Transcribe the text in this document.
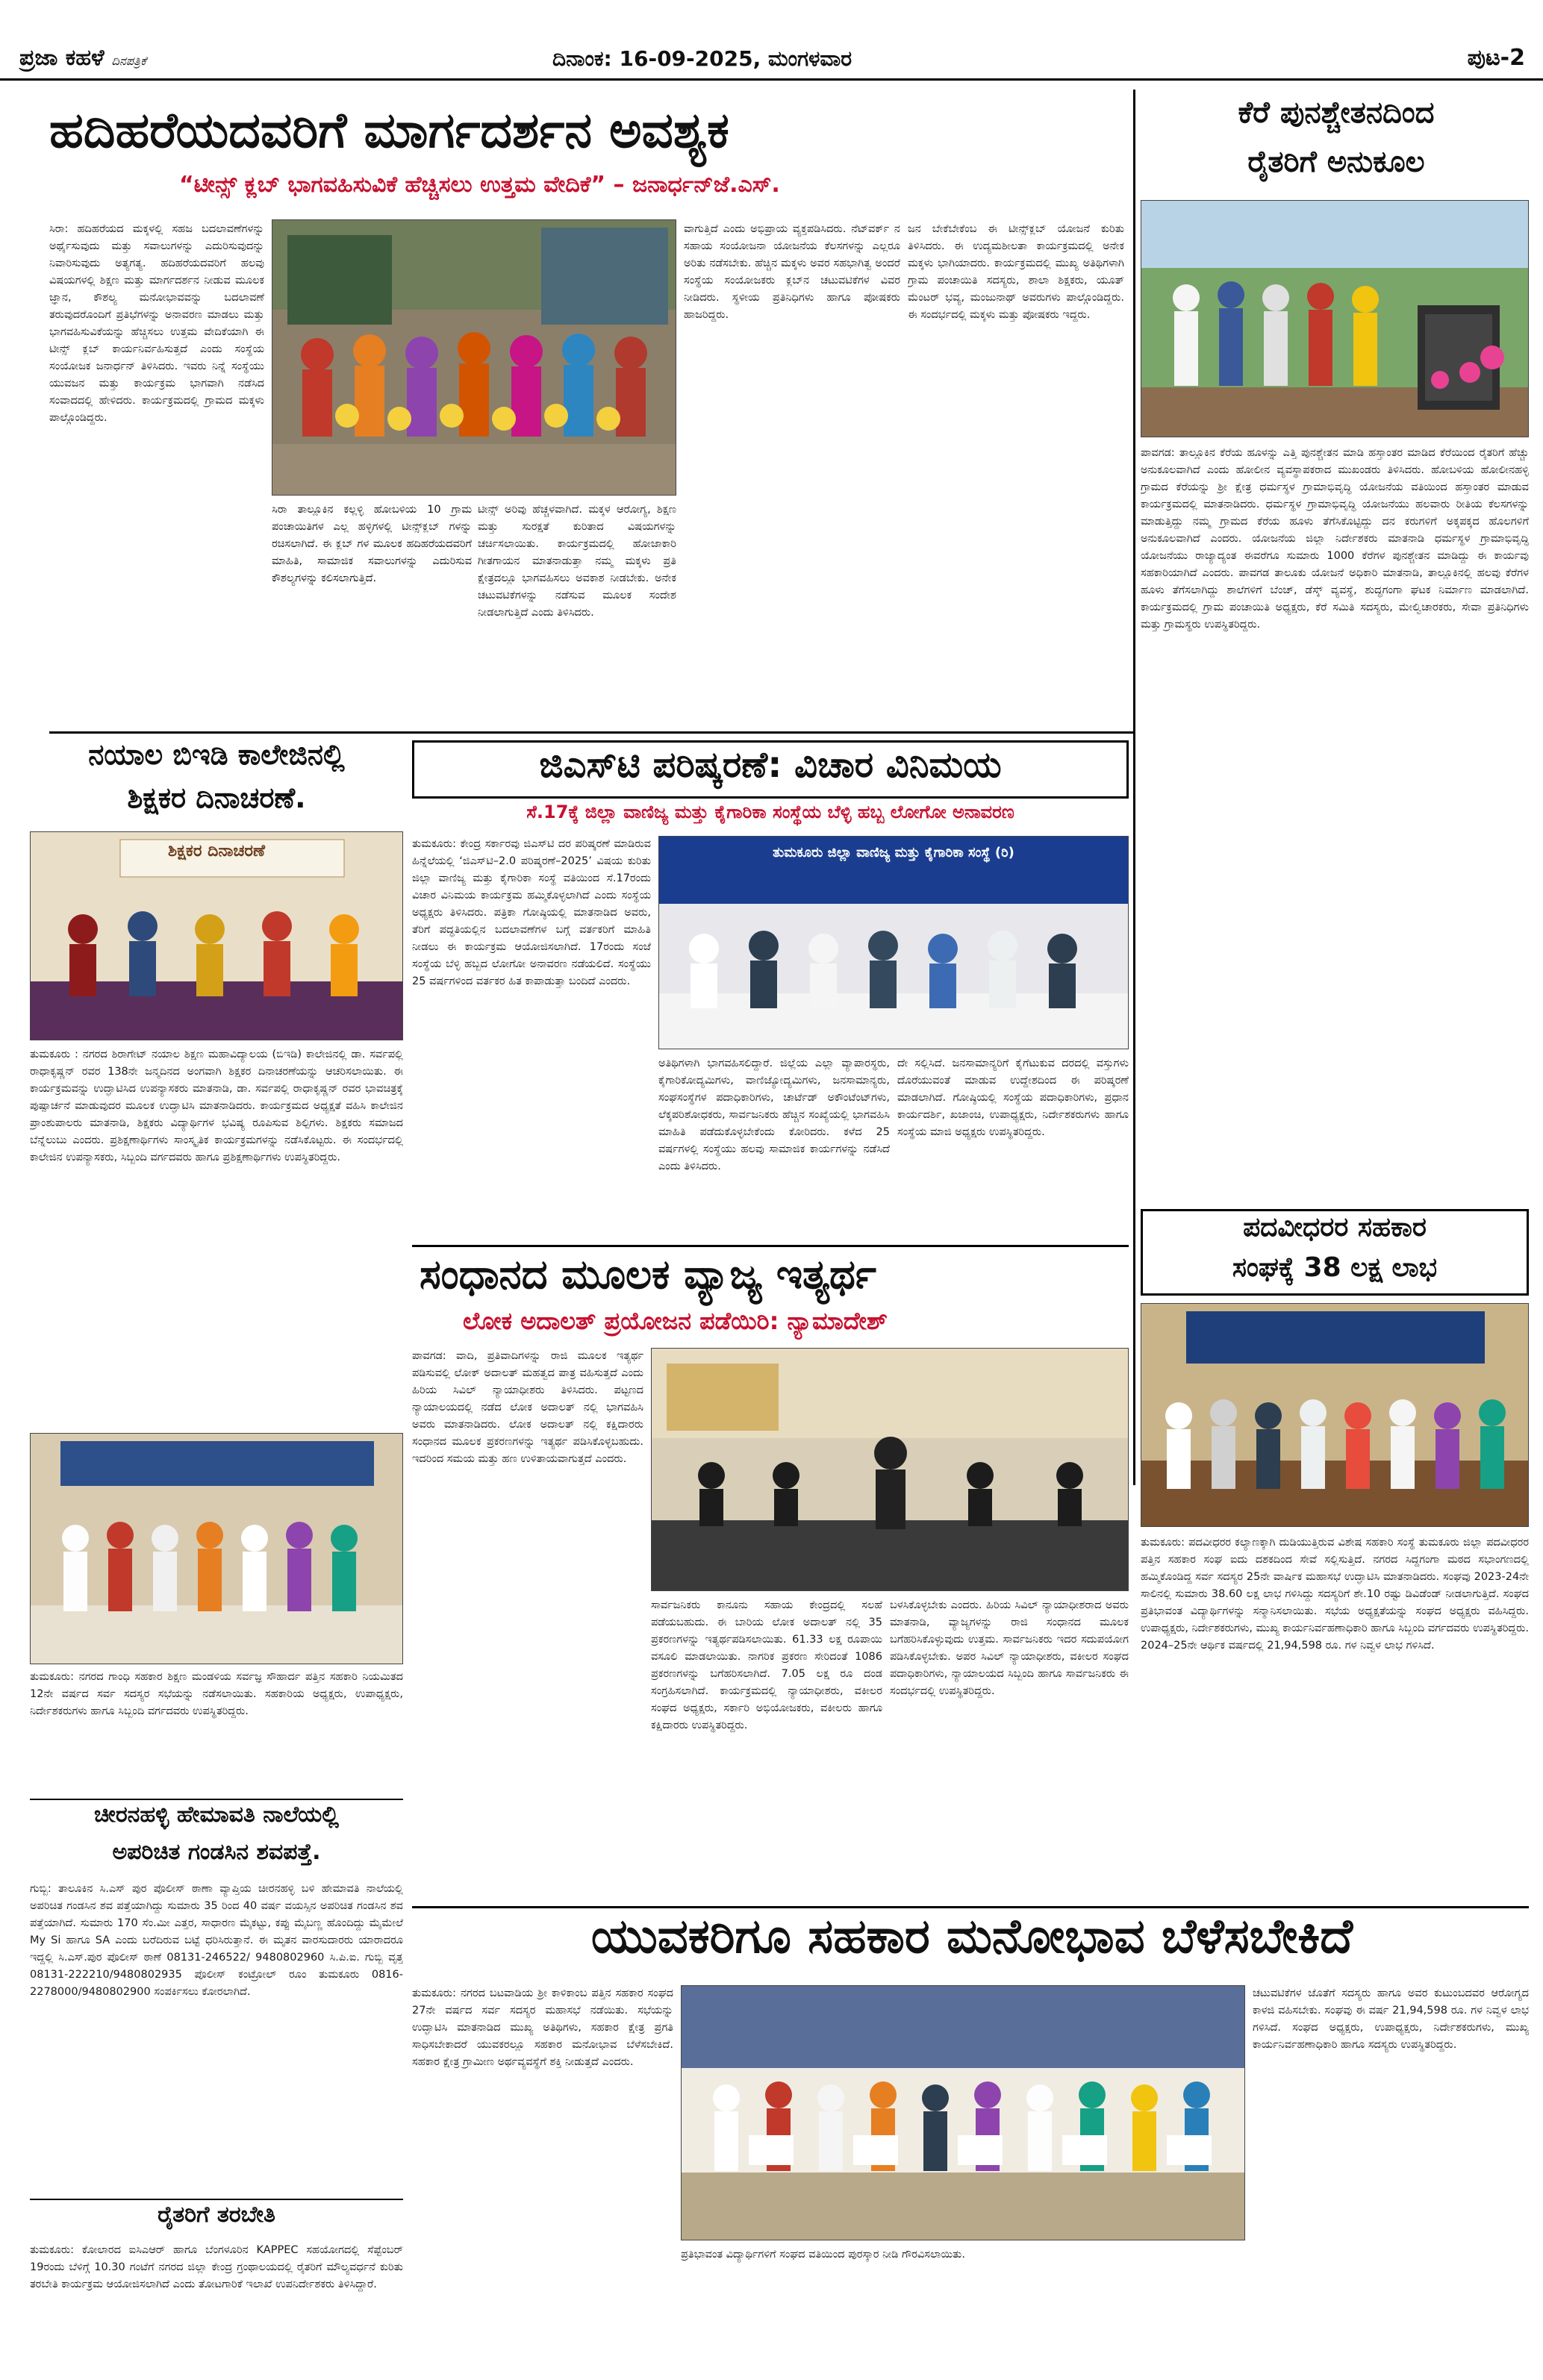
ಪ್ರಜಾ ಕಹಳೆ ದಿನಪತ್ರಿಕೆ	ದಿನಾಂಕ: 16-09-2025, ಮಂಗಳವಾರ	ಪುಟ-2
ಹದಿಹರೆಯದವರಿಗೆ ಮಾರ್ಗದರ್ಶನ ಅವಶ್ಯಕ
“ಟೀನ್ಸ್ ಕ್ಲಬ್ ಭಾಗವಹಿಸುವಿಕೆ ಹೆಚ್ಚಿಸಲು ಉತ್ತಮ ವೇದಿಕೆ” – ಜನಾರ್ಧನ್‌ಜೆ.ಎಸ್.
ಸಿರಾ: ಹದಿಹರೆಯದ ಮಕ್ಕಳಲ್ಲಿ ಸಹಜ ಬದಲಾವಣೆಗಳನ್ನು ಅರ್ಥೈಸುವುದು ಮತ್ತು ಸವಾಲುಗಳನ್ನು ಎದುರಿಸುವುದನ್ನು ನಿವಾರಿಸುವುದು ಅತ್ಯಗತ್ಯ. ಹದಿಹರೆಯದವರಿಗೆ ಹಲವು ವಿಷಯಗಳಲ್ಲಿ ಶಿಕ್ಷಣ ಮತ್ತು ಮಾರ್ಗದರ್ಶನ ನೀಡುವ ಮೂಲಕ ಜ್ಞಾನ, ಕೌಶಲ್ಯ ಮನೋಭಾವವನ್ನು ಬದಲಾವಣೆ ತರುವುದರೊಂದಿಗೆ ಪ್ರತಿಭೆಗಳನ್ನು ಅನಾವರಣ ಮಾಡಲು ಮತ್ತು ಭಾಗವಹಿಸುವಿಕೆಯನ್ನು ಹೆಚ್ಚಿಸಲು ಉತ್ತಮ ವೇದಿಕೆಯಾಗಿ ಈ ಟೀನ್ಸ್ ಕ್ಲಬ್ ಕಾರ್ಯನಿರ್ವಹಿಸುತ್ತದೆ ಎಂದು ಸಂಸ್ಥೆಯ ಸಂಯೋಜಕ ಜನಾರ್ಧನ್ ತಿಳಿಸಿದರು. ಇವರು ನಿನ್ನೆ ಸಂಸ್ಥೆಯು ಯುವಜನ ಮತ್ತು ಕಾರ್ಯಕ್ರಮ ಭಾಗವಾಗಿ ನಡೆಸಿದ ಸಂವಾದದಲ್ಲಿ ಹೇಳಿದರು. ಕಾರ್ಯಕ್ರಮದಲ್ಲಿ ಗ್ರಾಮದ ಮಕ್ಕಳು ಪಾಲ್ಗೊಂಡಿದ್ದರು.
ಸಿರಾ ತಾಲ್ಲೂಕಿನ ಕಲ್ಲಳ್ಳಿ ಹೋಬಳಿಯ 10 ಗ್ರಾಮ ಪಂಚಾಯಿತಿಗಳ ಎಲ್ಲ ಹಳ್ಳಿಗಳಲ್ಲಿ ಟೀನ್ಸ್‌ಕ್ಲಬ್ ಗಳನ್ನು ರಚಿಸಲಾಗಿದೆ. ಈ ಕ್ಲಬ್ ಗಳ ಮೂಲಕ ಹದಿಹರೆಯದವರಿಗೆ ಮಾಹಿತಿ, ಸಾಮಾಜಿಕ ಸವಾಲುಗಳನ್ನು ಎದುರಿಸುವ ಕೌಶಲ್ಯಗಳನ್ನು ಕಲಿಸಲಾಗುತ್ತಿದೆ.
ಟೀನ್ಸ್ ಅರಿವು ಹೆಚ್ಚಳವಾಗಿದೆ. ಮಕ್ಕಳ ಆರೋಗ್ಯ, ಶಿಕ್ಷಣ ಮತ್ತು ಸುರಕ್ಷತೆ ಕುರಿತಾದ ವಿಷಯಗಳನ್ನು ಚರ್ಚಿಸಲಾಯಿತು. ಕಾರ್ಯಕ್ರಮದಲ್ಲಿ ಹೋಜಾಕಾರಿ ಗೀತಗಾಯನ ಮಾತನಾಡುತ್ತಾ ನಮ್ಮ ಮಕ್ಕಳು ಪ್ರತಿ ಕ್ಷೇತ್ರದಲ್ಲೂ ಭಾಗವಹಿಸಲು ಅವಕಾಶ ನೀಡಬೇಕು. ಅನೇಕ ಚಟುವಟಿಕೆಗಳನ್ನು ನಡೆಸುವ ಮೂಲಕ ಸಂದೇಶ ನೀಡಲಾಗುತ್ತಿದೆ ಎಂದು ತಿಳಿಸಿದರು.
ವಾಗುತ್ತಿದೆ ಎಂದು ಅಭಿಪ್ರಾಯ ವ್ಯಕ್ತಪಡಿಸಿದರು. ನೆಟ್‌ವರ್ಕ್ ನ ಸಹಾಯ ಸಂಯೋಜನಾ ಯೋಜನೆಯ ಕೆಲಸಗಳನ್ನು ಎಲ್ಲರೂ ಅರಿತು ನಡೆಸಬೇಕು. ಹೆಚ್ಚಿನ ಮಕ್ಕಳು ಅವರ ಸಹಭಾಗಿತ್ವ ಅಂದರೆ ಸಂಸ್ಥೆಯ ಸಂಯೋಜಕರು ಕ್ಲಬ್‌ನ ಚಟುವಟಿಕೆಗಳ ವಿವರ ನೀಡಿದರು. ಸ್ಥಳೀಯ ಪ್ರತಿನಿಧಿಗಳು ಹಾಗೂ ಪೋಷಕರು ಹಾಜರಿದ್ದರು.
ಜನ ಬೇಕೆಬೇಕೆಂಬ ಈ ಟೀನ್ಸ್‌ಕ್ಲಬ್ ಯೋಜನೆ ಕುರಿತು ತಿಳಿಸಿದರು. ಈ ಉದ್ಯಮಶೀಲತಾ ಕಾರ್ಯಕ್ರಮದಲ್ಲಿ ಅನೇಕ ಮಕ್ಕಳು ಭಾಗಿಯಾದರು. ಕಾರ್ಯಕ್ರಮದಲ್ಲಿ ಮುಖ್ಯ ಅತಿಥಿಗಳಾಗಿ ಗ್ರಾಮ ಪಂಚಾಯಿತಿ ಸದಸ್ಯರು, ಶಾಲಾ ಶಿಕ್ಷಕರು, ಯೂತ್ ಮೆಂಟರ್ ಭವ್ಯ, ಮಂಜುನಾಥ್ ಅವರುಗಳು ಪಾಲ್ಗೊಂಡಿದ್ದರು. ಈ ಸಂದರ್ಭದಲ್ಲಿ ಮಕ್ಕಳು ಮತ್ತು ಪೋಷಕರು ಇದ್ದರು.
ಕೆರೆ ಪುನಶ್ಚೇತನದಿಂದ
ರೈತರಿಗೆ ಅನುಕೂಲ
ಪಾವಗಡ: ತಾಲ್ಲೂಕಿನ ಕೆರೆಯ ಹೂಳನ್ನು ಎತ್ತಿ ಪುನಶ್ಚೇತನ ಮಾಡಿ ಹಸ್ತಾಂತರ ಮಾಡಿದ ಕೆರೆಯಿಂದ ರೈತರಿಗೆ ಹೆಚ್ಚು ಅನುಕೂಲವಾಗಿದೆ ಎಂದು ಹೋಲೀನ ವ್ಯವಸ್ಥಾಪಕರಾದ ಮುಖಂಡರು ತಿಳಿಸಿದರು. ಹೋಬಳಿಯ ಹೋಲೀನಹಳ್ಳಿ ಗ್ರಾಮದ ಕೆರೆಯನ್ನು ಶ್ರೀ ಕ್ಷೇತ್ರ ಧರ್ಮಸ್ಥಳ ಗ್ರಾಮಾಭಿವೃದ್ಧಿ ಯೋಜನೆಯ ವತಿಯಿಂದ ಹಸ್ತಾಂತರ ಮಾಡುವ ಕಾರ್ಯಕ್ರಮದಲ್ಲಿ ಮಾತನಾಡಿದರು. ಧರ್ಮಸ್ಥಳ ಗ್ರಾಮಾಭಿವೃದ್ಧಿ ಯೋಜನೆಯು ಹಲವಾರು ರೀತಿಯ ಕೆಲಸಗಳನ್ನು ಮಾಡುತ್ತಿದ್ದು ನಮ್ಮ ಗ್ರಾಮದ ಕೆರೆಯ ಹೂಳು ತೆಗೆಸಿಕೊಟ್ಟಿದ್ದು ದನ ಕರುಗಳಿಗೆ ಅಕ್ಕಪಕ್ಕದ ಹೊಲಗಳಿಗೆ ಅನುಕೂಲವಾಗಿದೆ ಎಂದರು. ಯೋಜನೆಯ ಜಿಲ್ಲಾ ನಿರ್ದೇಶಕರು ಮಾತನಾಡಿ ಧರ್ಮಸ್ಥಳ ಗ್ರಾಮಾಭಿವೃದ್ಧಿ ಯೋಜನೆಯು ರಾಜ್ಯಾದ್ಯಂತ ಈವರೆಗೂ ಸುಮಾರು 1000 ಕೆರೆಗಳ ಪುನಶ್ಚೇತನ ಮಾಡಿದ್ದು ಈ ಕಾರ್ಯವು ಸಹಕಾರಿಯಾಗಿದೆ ಎಂದರು. ಪಾವಗಡ ತಾಲೂಕು ಯೋಜನೆ ಅಧಿಕಾರಿ ಮಾತನಾಡಿ, ತಾಲ್ಲೂಕಿನಲ್ಲಿ ಹಲವು ಕೆರೆಗಳ ಹೂಳು ತೆಗೆಸಲಾಗಿದ್ದು ಶಾಲೆಗಳಿಗೆ ಬೆಂಚ್, ಡೆಸ್ಕ್ ವ್ಯವಸ್ಥೆ, ಶುದ್ಧಗಂಗಾ ಘಟಕ ನಿರ್ಮಾಣ ಮಾಡಲಾಗಿದೆ. ಕಾರ್ಯಕ್ರಮದಲ್ಲಿ ಗ್ರಾಮ ಪಂಚಾಯಿತಿ ಅಧ್ಯಕ್ಷರು, ಕೆರೆ ಸಮಿತಿ ಸದಸ್ಯರು, ಮೇಲ್ವಿಚಾರಕರು, ಸೇವಾ ಪ್ರತಿನಿಧಿಗಳು ಮತ್ತು ಗ್ರಾಮಸ್ಥರು ಉಪಸ್ಥಿತರಿದ್ದರು.
ಪದವೀಧರರ ಸಹಕಾರ
ಸಂಘಕ್ಕೆ 38 ಲಕ್ಷ ಲಾಭ
ತುಮಕೂರು: ಪದವೀಧರರ ಕಲ್ಯಾಣಕ್ಕಾಗಿ ದುಡಿಯುತ್ತಿರುವ ವಿಶೇಷ ಸಹಕಾರಿ ಸಂಸ್ಥೆ ತುಮಕೂರು ಜಿಲ್ಲಾ ಪದವೀಧರರ ಪತ್ತಿನ ಸಹಕಾರ ಸಂಘ ಐದು ದಶಕದಿಂದ ಸೇವೆ ಸಲ್ಲಿಸುತ್ತಿದೆ. ನಗರದ ಸಿದ್ದಗಂಗಾ ಮಠದ ಸಭಾಂಗಣದಲ್ಲಿ ಹಮ್ಮಿಕೊಂಡಿದ್ದ ಸರ್ವ ಸದಸ್ಯರ 25ನೇ ವಾರ್ಷಿಕ ಮಹಾಸಭೆ ಉದ್ಘಾಟಿಸಿ ಮಾತನಾಡಿದರು. ಸಂಘವು 2023-24ನೇ ಸಾಲಿನಲ್ಲಿ ಸುಮಾರು 38.60 ಲಕ್ಷ ಲಾಭ ಗಳಿಸಿದ್ದು ಸದಸ್ಯರಿಗೆ ಶೇ.10 ರಷ್ಟು ಡಿವಿಡೆಂಡ್ ನೀಡಲಾಗುತ್ತಿದೆ. ಸಂಘದ ಪ್ರತಿಭಾವಂತ ವಿದ್ಯಾರ್ಥಿಗಳನ್ನು ಸನ್ಮಾನಿಸಲಾಯಿತು. ಸಭೆಯ ಅಧ್ಯಕ್ಷತೆಯನ್ನು ಸಂಘದ ಅಧ್ಯಕ್ಷರು ವಹಿಸಿದ್ದರು. ಉಪಾಧ್ಯಕ್ಷರು, ನಿರ್ದೇಶಕರುಗಳು, ಮುಖ್ಯ ಕಾರ್ಯನಿರ್ವಹಣಾಧಿಕಾರಿ ಹಾಗೂ ಸಿಬ್ಬಂದಿ ವರ್ಗದವರು ಉಪಸ್ಥಿತರಿದ್ದರು. 2024–25ನೇ ಆರ್ಥಿಕ ವರ್ಷದಲ್ಲಿ 21,94,598 ರೂ. ಗಳ ನಿವ್ವಳ ಲಾಭ ಗಳಿಸಿದೆ.
ನಯಾಲ ಬಿಇಡಿ ಕಾಲೇಜಿನಲ್ಲಿ
ಶಿಕ್ಷಕರ ದಿನಾಚರಣೆ.
ಶಿಕ್ಷಕರ ದಿನಾಚರಣೆ
ತುಮಕೂರು : ನಗರದ ಶಿರಾಗೇಟ್ ನಯಾಲ ಶಿಕ್ಷಣ ಮಹಾವಿದ್ಯಾಲಯ (ಬಿಇಡಿ) ಕಾಲೇಜಿನಲ್ಲಿ ಡಾ. ಸರ್ವಪಲ್ಲಿ ರಾಧಾಕೃಷ್ಣನ್ ರವರ 138ನೇ ಜನ್ಮದಿನದ ಅಂಗವಾಗಿ ಶಿಕ್ಷಕರ ದಿನಾಚರಣೆಯನ್ನು ಆಚರಿಸಲಾಯಿತು. ಈ ಕಾರ್ಯಕ್ರಮವನ್ನು ಉದ್ಘಾಟಿಸಿದ ಉಪನ್ಯಾಸಕರು ಮಾತನಾಡಿ, ಡಾ. ಸರ್ವಪಲ್ಲಿ ರಾಧಾಕೃಷ್ಣನ್ ರವರ ಭಾವಚಿತ್ರಕ್ಕೆ ಪುಷ್ಪಾರ್ಚನೆ ಮಾಡುವುದರ ಮೂಲಕ ಉದ್ಘಾಟಿಸಿ ಮಾತನಾಡಿದರು. ಕಾರ್ಯಕ್ರಮದ ಅಧ್ಯಕ್ಷತೆ ವಹಿಸಿ ಕಾಲೇಜಿನ ಪ್ರಾಂಶುಪಾಲರು ಮಾತನಾಡಿ, ಶಿಕ್ಷಕರು ವಿದ್ಯಾರ್ಥಿಗಳ ಭವಿಷ್ಯ ರೂಪಿಸುವ ಶಿಲ್ಪಿಗಳು. ಶಿಕ್ಷಕರು ಸಮಾಜದ ಬೆನ್ನೆಲುಬು ಎಂದರು. ಪ್ರಶಿಕ್ಷಣಾರ್ಥಿಗಳು ಸಾಂಸ್ಕೃತಿಕ ಕಾರ್ಯಕ್ರಮಗಳನ್ನು ನಡೆಸಿಕೊಟ್ಟರು. ಈ ಸಂದರ್ಭದಲ್ಲಿ ಕಾಲೇಜಿನ ಉಪನ್ಯಾಸಕರು, ಸಿಬ್ಬಂದಿ ವರ್ಗದವರು ಹಾಗೂ ಪ್ರಶಿಕ್ಷಣಾರ್ಥಿಗಳು ಉಪಸ್ಥಿತರಿದ್ದರು.
ತುಮಕೂರು: ನಗರದ ಗಾಂಧಿ ಸಹಕಾರ ಶಿಕ್ಷಣ ಮಂಡಳಿಯ ಸರ್ವಜ್ಞ ಸೌಹಾರ್ದ ಪತ್ತಿನ ಸಹಕಾರಿ ನಿಯಮಿತದ 12ನೇ ವರ್ಷದ ಸರ್ವ ಸದಸ್ಯರ ಸಭೆಯನ್ನು ನಡೆಸಲಾಯಿತು. ಸಹಕಾರಿಯ ಅಧ್ಯಕ್ಷರು, ಉಪಾಧ್ಯಕ್ಷರು, ನಿರ್ದೇಶಕರುಗಳು ಹಾಗೂ ಸಿಬ್ಬಂದಿ ವರ್ಗದವರು ಉಪಸ್ಥಿತರಿದ್ದರು.
ಚೀರನಹಳ್ಳಿ ಹೇಮಾವತಿ ನಾಲೆಯಲ್ಲಿ
ಅಪರಿಚಿತ ಗಂಡಸಿನ ಶವಪತ್ತೆ.
ಗುಬ್ಬಿ: ತಾಲೂಕಿನ ಸಿ.ಎಸ್ ಪುರ ಪೊಲೀಸ್ ಠಾಣಾ ವ್ಯಾಪ್ತಿಯ ಚೀರನಹಳ್ಳಿ ಬಳಿ ಹೇಮಾವತಿ ನಾಲೆಯಲ್ಲಿ ಅಪರಿಚಿತ ಗಂಡಸಿನ ಶವ ಪತ್ತೆಯಾಗಿದ್ದು ಸುಮಾರು 35 ರಿಂದ 40 ವರ್ಷ ವಯಸ್ಸಿನ ಅಪರಿಚಿತ ಗಂಡಸಿನ ಶವ ಪತ್ತೆಯಾಗಿದೆ. ಸುಮಾರು 170 ಸೆಂ.ಮೀ ಎತ್ತರ, ಸಾಧಾರಣ ಮೈಕಟ್ಟು, ಕಪ್ಪು ಮೈಬಣ್ಣ ಹೊಂದಿದ್ದು ಮೈಮೇಲೆ My Si ಹಾಗೂ SA ಎಂದು ಬರೆದಿರುವ ಬಟ್ಟೆ ಧರಿಸಿರುತ್ತಾನೆ. ಈ ಮೃತನ ವಾರಸುದಾರರು ಯಾರಾದರೂ ಇದ್ದಲ್ಲಿ ಸಿ.ಎಸ್.ಪುರ ಪೊಲೀಸ್ ಠಾಣೆ 08131-246522/ 9480802960 ಸಿ.ಪಿ.ಐ. ಗುಬ್ಬಿ ವೃತ್ತ 08131-222210/9480802935 ಪೊಲೀಸ್ ಕಂಟ್ರೋಲ್ ರೂಂ ತುಮಕೂರು 0816-2278000/9480802900 ಸಂಪರ್ಕಿಸಲು ಕೋರಲಾಗಿದೆ.
ರೈತರಿಗೆ ತರಬೇತಿ
ತುಮಕೂರು: ಕೋಲಾರದ ಐಸಿಎಆರ್ ಹಾಗೂ ಬೆಂಗಳೂರಿನ KAPPEC ಸಹಯೋಗದಲ್ಲಿ ಸೆಪ್ಟೆಂಬರ್ 19ರಂದು ಬೆಳಿಗ್ಗೆ 10.30 ಗಂಟೆಗೆ ನಗರದ ಜಿಲ್ಲಾ ಕೇಂದ್ರ ಗ್ರಂಥಾಲಯದಲ್ಲಿ ರೈತರಿಗೆ ಮೌಲ್ಯವರ್ಧನೆ ಕುರಿತು ತರಬೇತಿ ಕಾರ್ಯಕ್ರಮ ಆಯೋಜಿಸಲಾಗಿದೆ ಎಂದು ತೋಟಗಾರಿಕೆ ಇಲಾಖೆ ಉಪನಿರ್ದೇಶಕರು ತಿಳಿಸಿದ್ದಾರೆ.
ಜಿಎಸ್‌ಟಿ ಪರಿಷ್ಕರಣೆ: ವಿಚಾರ ವಿನಿಮಯ
ಸೆ.17ಕ್ಕೆ ಜಿಲ್ಲಾ ವಾಣಿಜ್ಯ ಮತ್ತು ಕೈಗಾರಿಕಾ ಸಂಸ್ಥೆಯ ಬೆಳ್ಳಿ ಹಬ್ಬ ಲೋಗೋ ಅನಾವರಣ
ತುಮಕೂರು: ಕೇಂದ್ರ ಸರ್ಕಾರವು ಜಿಎಸ್‌ಟಿ ದರ ಪರಿಷ್ಕರಣೆ ಮಾಡಿರುವ ಹಿನ್ನೆಲೆಯಲ್ಲಿ ‘ಜಿಎಸ್‌ಟಿ–2.0 ಪರಿಷ್ಕರಣೆ–2025’ ವಿಷಯ ಕುರಿತು ಜಿಲ್ಲಾ ವಾಣಿಜ್ಯ ಮತ್ತು ಕೈಗಾರಿಕಾ ಸಂಸ್ಥೆ ವತಿಯಿಂದ ಸೆ.17ರಂದು ವಿಚಾರ ವಿನಿಮಯ ಕಾರ್ಯಕ್ರಮ ಹಮ್ಮಿಕೊಳ್ಳಲಾಗಿದೆ ಎಂದು ಸಂಸ್ಥೆಯ ಅಧ್ಯಕ್ಷರು ತಿಳಿಸಿದರು. ಪತ್ರಿಕಾ ಗೋಷ್ಠಿಯಲ್ಲಿ ಮಾತನಾಡಿದ ಅವರು, ತೆರಿಗೆ ಪದ್ಧತಿಯಲ್ಲಿನ ಬದಲಾವಣೆಗಳ ಬಗ್ಗೆ ವರ್ತಕರಿಗೆ ಮಾಹಿತಿ ನೀಡಲು ಈ ಕಾರ್ಯಕ್ರಮ ಆಯೋಜಿಸಲಾಗಿದೆ. 17ರಂದು ಸಂಜೆ ಸಂಸ್ಥೆಯ ಬೆಳ್ಳಿ ಹಬ್ಬದ ಲೋಗೋ ಅನಾವರಣ ನಡೆಯಲಿದೆ. ಸಂಸ್ಥೆಯು 25 ವರ್ಷಗಳಿಂದ ವರ್ತಕರ ಹಿತ ಕಾಪಾಡುತ್ತಾ ಬಂದಿದೆ ಎಂದರು.
ತುಮಕೂರು ಜಿಲ್ಲಾ ವಾಣಿಜ್ಯ ಮತ್ತು ಕೈಗಾರಿಕಾ ಸಂಸ್ಥೆ (ರಿ)
ಅತಿಥಿಗಳಾಗಿ ಭಾಗವಹಿಸಲಿದ್ದಾರೆ. ಜಿಲ್ಲೆಯ ಎಲ್ಲಾ ವ್ಯಾಪಾರಸ್ಥರು, ಕೈಗಾರಿಕೋದ್ಯಮಿಗಳು, ವಾಣಿಜ್ಯೋದ್ಯಮಿಗಳು, ಜನಸಾಮಾನ್ಯರು, ಸಂಘಸಂಸ್ಥೆಗಳ ಪದಾಧಿಕಾರಿಗಳು, ಚಾರ್ಟೆಡ್ ಅಕೌಂಟೆಂಟ್‌ಗಳು, ಲೆಕ್ಕಪರಿಶೋಧಕರು, ಸಾರ್ವಜನಿಕರು ಹೆಚ್ಚಿನ ಸಂಖ್ಯೆಯಲ್ಲಿ ಭಾಗವಹಿಸಿ ಮಾಹಿತಿ ಪಡೆದುಕೊಳ್ಳಬೇಕೆಂದು ಕೋರಿದರು. ಕಳೆದ 25 ವರ್ಷಗಳಲ್ಲಿ ಸಂಸ್ಥೆಯು ಹಲವು ಸಾಮಾಜಿಕ ಕಾರ್ಯಗಳನ್ನು ನಡೆಸಿದೆ ಎಂದು ತಿಳಿಸಿದರು.
ದೇ ಸಲ್ಲಿಸಿದೆ. ಜನಸಾಮಾನ್ಯರಿಗೆ ಕೈಗೆಟುಕುವ ದರದಲ್ಲಿ ವಸ್ತುಗಳು ದೊರೆಯುವಂತೆ ಮಾಡುವ ಉದ್ದೇಶದಿಂದ ಈ ಪರಿಷ್ಕರಣೆ ಮಾಡಲಾಗಿದೆ. ಗೋಷ್ಠಿಯಲ್ಲಿ ಸಂಸ್ಥೆಯ ಪದಾಧಿಕಾರಿಗಳು, ಪ್ರಧಾನ ಕಾರ್ಯದರ್ಶಿ, ಖಜಾಂಚಿ, ಉಪಾಧ್ಯಕ್ಷರು, ನಿರ್ದೇಶಕರುಗಳು ಹಾಗೂ ಸಂಸ್ಥೆಯ ಮಾಜಿ ಅಧ್ಯಕ್ಷರು ಉಪಸ್ಥಿತರಿದ್ದರು.
ಸಂಧಾನದ ಮೂಲಕ ವ್ಯಾಜ್ಯ ಇತ್ಯರ್ಥ
ಲೋಕ ಅದಾಲತ್ ಪ್ರಯೋಜನ ಪಡೆಯಿರಿ: ನ್ಯಾಮಾದೇಶ್
ಪಾವಗಡ: ವಾದಿ, ಪ್ರತಿವಾದಿಗಳನ್ನು ರಾಜಿ ಮೂಲಕ ಇತ್ಯರ್ಥ ಪಡಿಸುವಲ್ಲಿ ಲೋಕ್ ಅದಾಲತ್ ಮಹತ್ವದ ಪಾತ್ರ ವಹಿಸುತ್ತದೆ ಎಂದು ಹಿರಿಯ ಸಿವಿಲ್ ನ್ಯಾಯಾಧೀಶರು ತಿಳಿಸಿದರು. ಪಟ್ಟಣದ ನ್ಯಾಯಾಲಯದಲ್ಲಿ ನಡೆದ ಲೋಕ ಅದಾಲತ್ ನಲ್ಲಿ ಭಾಗವಹಿಸಿ ಅವರು ಮಾತನಾಡಿದರು. ಲೋಕ ಅದಾಲತ್ ನಲ್ಲಿ ಕಕ್ಷಿದಾರರು ಸಂಧಾನದ ಮೂಲಕ ಪ್ರಕರಣಗಳನ್ನು ಇತ್ಯರ್ಥ ಪಡಿಸಿಕೊಳ್ಳಬಹುದು. ಇದರಿಂದ ಸಮಯ ಮತ್ತು ಹಣ ಉಳಿತಾಯವಾಗುತ್ತದೆ ಎಂದರು.
ಸಾರ್ವಜನಿಕರು ಕಾನೂನು ಸಹಾಯ ಕೇಂದ್ರದಲ್ಲಿ ಸಲಹೆ ಪಡೆಯಬಹುದು. ಈ ಬಾರಿಯ ಲೋಕ ಅದಾಲತ್ ನಲ್ಲಿ 35 ಪ್ರಕರಣಗಳನ್ನು ಇತ್ಯರ್ಥಪಡಿಸಲಾಯಿತು. 61.33 ಲಕ್ಷ ರೂಪಾಯಿ ವಸೂಲಿ ಮಾಡಲಾಯಿತು. ನಾಗರಿಕ ಪ್ರಕರಣ ಸೇರಿದಂತೆ 1086 ಪ್ರಕರಣಗಳನ್ನು ಬಗೆಹರಿಸಲಾಗಿದೆ. 7.05 ಲಕ್ಷ ರೂ ದಂಡ ಸಂಗ್ರಹಿಸಲಾಗಿದೆ. ಕಾರ್ಯಕ್ರಮದಲ್ಲಿ ನ್ಯಾಯಾಧೀಶರು, ವಕೀಲರ ಸಂಘದ ಅಧ್ಯಕ್ಷರು, ಸರ್ಕಾರಿ ಅಭಿಯೋಜಕರು, ವಕೀಲರು ಹಾಗೂ ಕಕ್ಷಿದಾರರು ಉಪಸ್ಥಿತರಿದ್ದರು.
ಬಳಸಿಕೊಳ್ಳಬೇಕು ಎಂದರು. ಹಿರಿಯ ಸಿವಿಲ್ ನ್ಯಾಯಾಧೀಶರಾದ ಅವರು ಮಾತನಾಡಿ, ವ್ಯಾಜ್ಯಗಳನ್ನು ರಾಜಿ ಸಂಧಾನದ ಮೂಲಕ ಬಗೆಹರಿಸಿಕೊಳ್ಳುವುದು ಉತ್ತಮ. ಸಾರ್ವಜನಿಕರು ಇದರ ಸದುಪಯೋಗ ಪಡಿಸಿಕೊಳ್ಳಬೇಕು. ಅಪರ ಸಿವಿಲ್ ನ್ಯಾಯಾಧೀಶರು, ವಕೀಲರ ಸಂಘದ ಪದಾಧಿಕಾರಿಗಳು, ನ್ಯಾಯಾಲಯದ ಸಿಬ್ಬಂದಿ ಹಾಗೂ ಸಾರ್ವಜನಿಕರು ಈ ಸಂದರ್ಭದಲ್ಲಿ ಉಪಸ್ಥಿತರಿದ್ದರು.
ಯುವಕರಿಗೂ ಸಹಕಾರ ಮನೋಭಾವ ಬೆಳೆಸಬೇಕಿದೆ
ತುಮಕೂರು: ನಗರದ ಬಟವಾಡಿಯ ಶ್ರೀ ಕಾಳಿಕಾಂಬ ಪತ್ತಿನ ಸಹಕಾರ ಸಂಘದ 27ನೇ ವರ್ಷದ ಸರ್ವ ಸದಸ್ಯರ ಮಹಾಸಭೆ ನಡೆಯಿತು. ಸಭೆಯನ್ನು ಉದ್ಘಾಟಿಸಿ ಮಾತನಾಡಿದ ಮುಖ್ಯ ಅತಿಥಿಗಳು, ಸಹಕಾರ ಕ್ಷೇತ್ರ ಪ್ರಗತಿ ಸಾಧಿಸಬೇಕಾದರೆ ಯುವಕರಲ್ಲೂ ಸಹಕಾರ ಮನೋಭಾವ ಬೆಳೆಸಬೇಕಿದೆ. ಸಹಕಾರ ಕ್ಷೇತ್ರ ಗ್ರಾಮೀಣ ಅರ್ಥವ್ಯವಸ್ಥೆಗೆ ಶಕ್ತಿ ನೀಡುತ್ತದೆ ಎಂದರು.
ಪ್ರತಿಭಾವಂತ ವಿದ್ಯಾರ್ಥಿಗಳಿಗೆ ಸಂಘದ ವತಿಯಿಂದ ಪುರಸ್ಕಾರ ನೀಡಿ ಗೌರವಿಸಲಾಯಿತು.
ಚಟುವಟಿಕೆಗಳ ಜೊತೆಗೆ ಸದಸ್ಯರು ಹಾಗೂ ಅವರ ಕುಟುಂಬದವರ ಆರೋಗ್ಯದ ಕಾಳಜಿ ವಹಿಸಬೇಕು. ಸಂಘವು ಈ ವರ್ಷ 21,94,598 ರೂ. ಗಳ ನಿವ್ವಳ ಲಾಭ ಗಳಿಸಿದೆ. ಸಂಘದ ಅಧ್ಯಕ್ಷರು, ಉಪಾಧ್ಯಕ್ಷರು, ನಿರ್ದೇಶಕರುಗಳು, ಮುಖ್ಯ ಕಾರ್ಯನಿರ್ವಹಣಾಧಿಕಾರಿ ಹಾಗೂ ಸದಸ್ಯರು ಉಪಸ್ಥಿತರಿದ್ದರು.
